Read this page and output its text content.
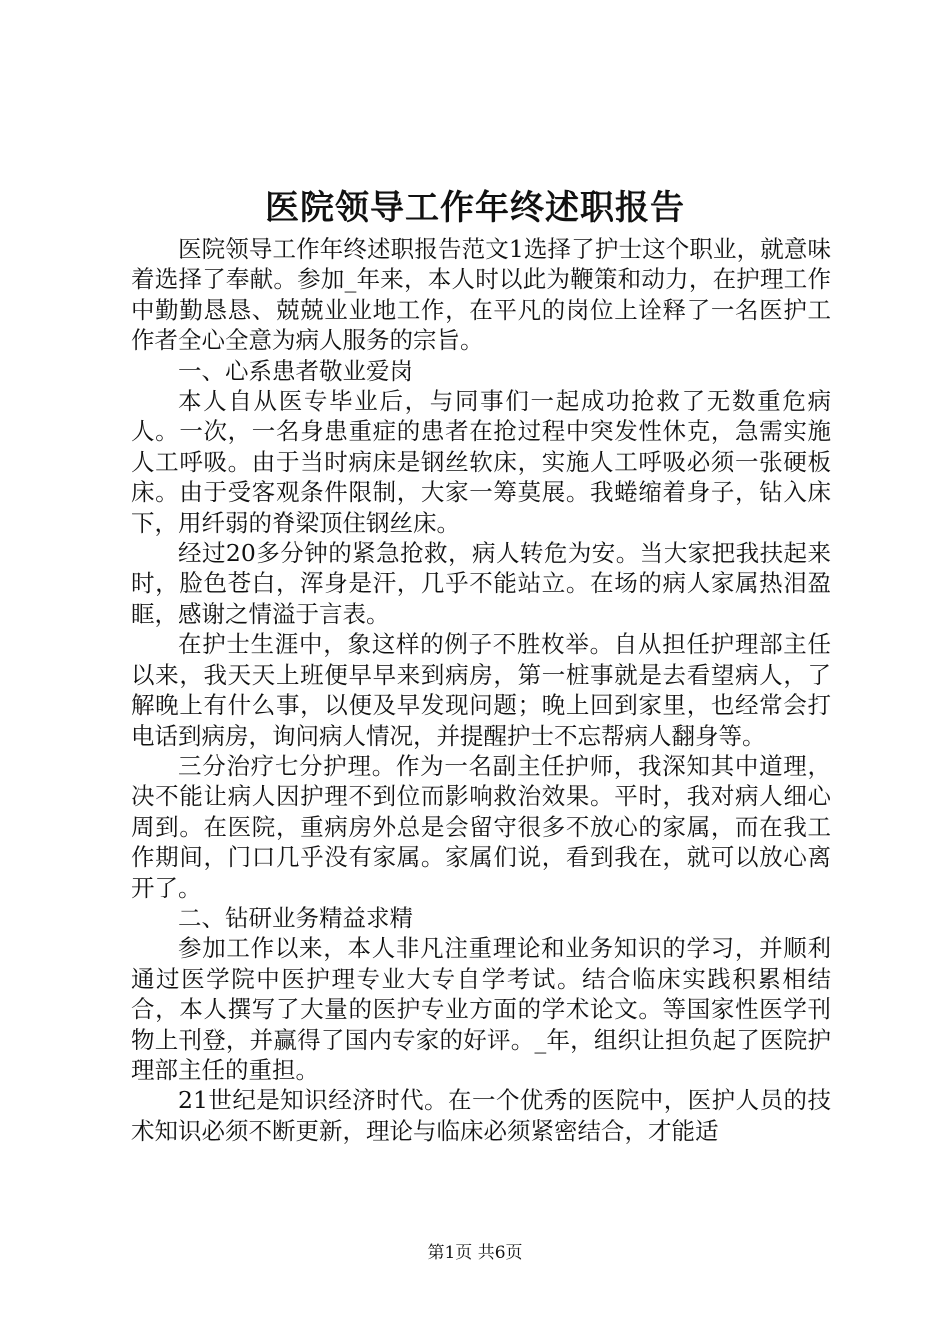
医院领导工作年终述职报告

医院领导工作年终述职报告范文1选择了护士这个职业，就意味着选择了奉献。参加_年来，本人时以此为鞭策和动力，在护理工作中勤勤恳恳、兢兢业业地工作，在平凡的岗位上诠释了一名医护工作者全心全意为病人服务的宗旨。

一、心系患者敬业爱岗

本人自从医专毕业后，与同事们一起成功抢救了无数重危病人。一次，一名身患重症的患者在抢过程中突发性休克，急需实施人工呼吸。由于当时病床是钢丝软床，实施人工呼吸必须一张硬板床。由于受客观条件限制，大家一筹莫展。我蜷缩着身子，钻入床下，用纤弱的脊梁顶住钢丝床。

经过20多分钟的紧急抢救，病人转危为安。当大家把我扶起来时，脸色苍白，浑身是汗，几乎不能站立。在场的病人家属热泪盈眶，感谢之情溢于言表。

在护士生涯中，象这样的例子不胜枚举。自从担任护理部主任以来，我天天上班便早早来到病房，第一桩事就是去看望病人，了解晚上有什么事，以便及早发现问题；晚上回到家里，也经常会打电话到病房，询问病人情况，并提醒护士不忘帮病人翻身等。

三分治疗七分护理。作为一名副主任护师，我深知其中道理，决不能让病人因护理不到位而影响救治效果。平时，我对病人细心周到。在医院，重病房外总是会留守很多不放心的家属，而在我工作期间，门口几乎没有家属。家属们说，看到我在，就可以放心离开了。

二、钻研业务精益求精

参加工作以来，本人非凡注重理论和业务知识的学习，并顺利通过医学院中医护理专业大专自学考试。结合临床实践积累相结合，本人撰写了大量的医护专业方面的学术论文。等国家性医学刊物上刊登，并赢得了国内专家的好评。_年，组织让担负起了医院护理部主任的重担。

21世纪是知识经济时代。在一个优秀的医院中，医护人员的技术知识必须不断更新，理论与临床必须紧密结合，才能适

第1页 共6页
